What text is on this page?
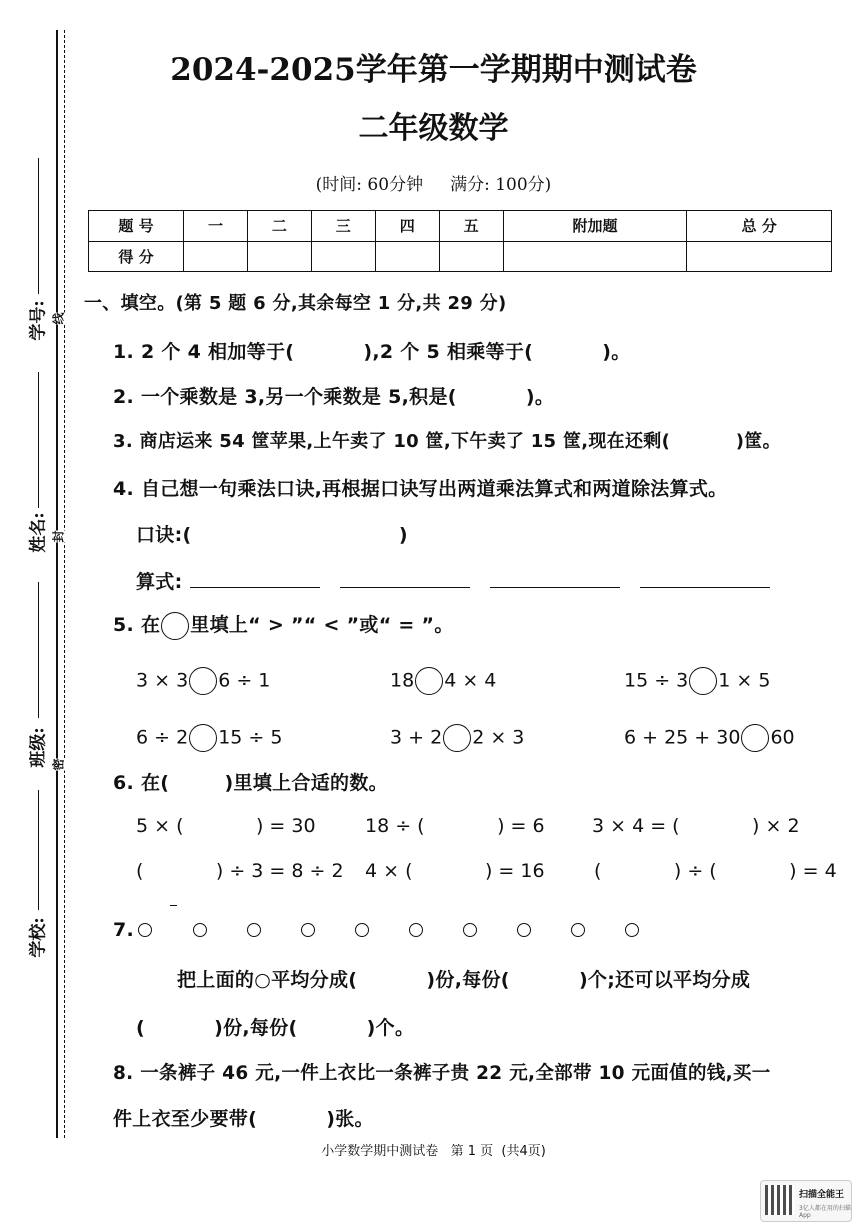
学号: 线
姓名: 封
班级: 密
学校:
2024-2025学年第一学期期中测试卷
二年级数学
(时间: 60分钟     满分: 100分)
题 号	一	二	三	四	五	附加题	总 分
得 分							
一、填空。(第 5 题 6 分,其余每空 1 分,共 29 分)
1. 2 个 4 相加等于(          ),2 个 5 相乘等于(          )。
2. 一个乘数是 3,另一个乘数是 5,积是(          )。
3. 商店运来 54 筐苹果,上午卖了 10 筐,下午卖了 15 筐,现在还剩(          )筐。
4. 自己想一句乘法口诀,再根据口诀写出两道乘法算式和两道除法算式。
口诀:(                              )
算式:
5. 在 里填上“ > ”“ < ”或“ = ”。
3 × 3 6 ÷ 1	18 4 × 4	15 ÷ 3 1 × 5
6 ÷ 2 15 ÷ 5	3 + 2 2 × 3	6 + 25 + 30 60
6. 在(        )里填上合适的数。
5 × (            ) = 30	18 ÷ (            ) = 6 3 × 4 = (            ) × 2
(            ) ÷ 3 = 8 ÷ 2 4 × (            ) = 16	(            ) ÷ (            ) = 4
7.
把上面的○平均分成(          )份,每份(          )个;还可以平均分成
(          )份,每份(          )个。
8. 一条裤子 46 元,一件上衣比一条裤子贵 22 元,全部带 10 元面值的钱,买一
件上衣至少要带(          )张。
小学数学期中测试卷   第 1 页  (共4页)
扫描全能王
3亿人都在用的扫描App
